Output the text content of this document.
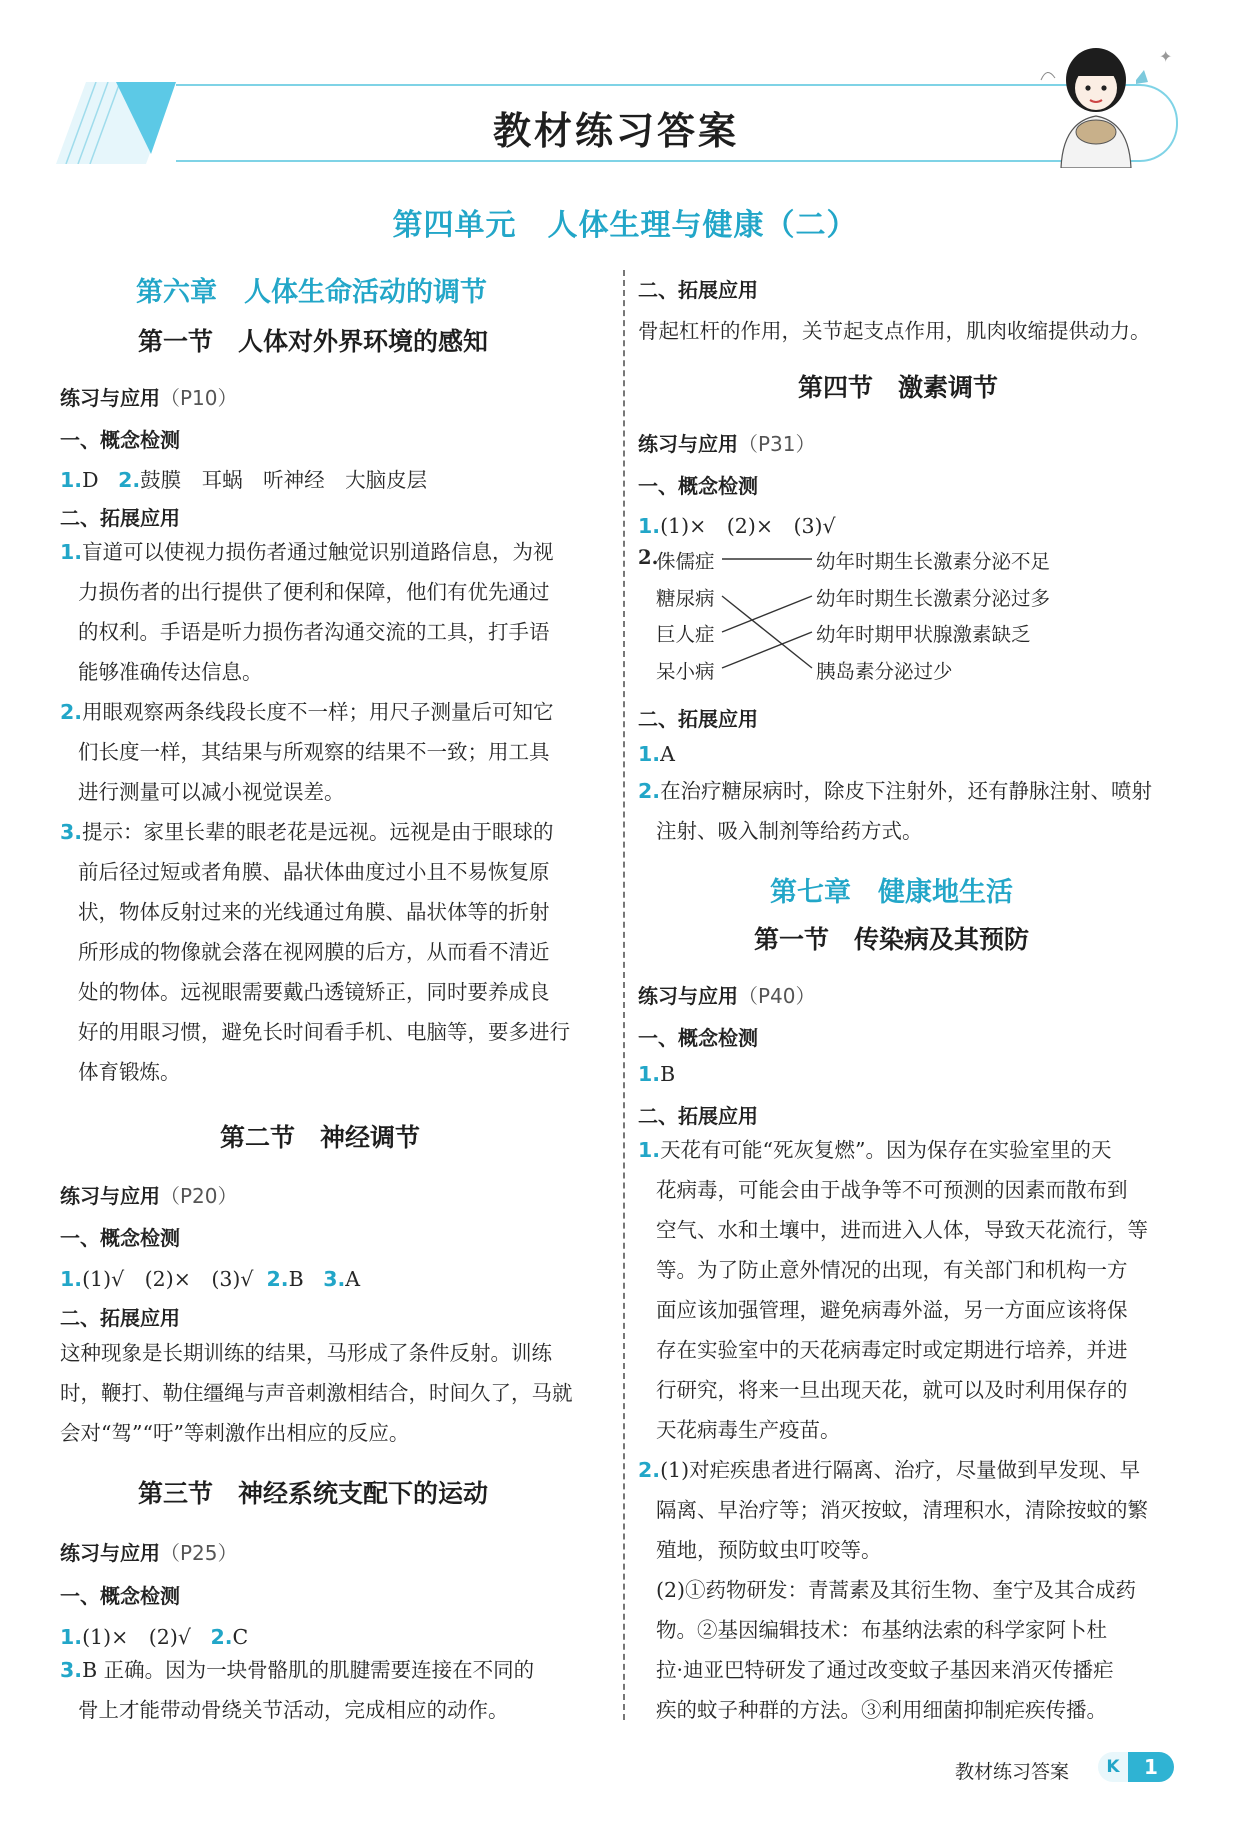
教材练习答案
✦
第四单元　人体生理与健康（二）
第六章　人体生命活动的调节
第一节　人体对外界环境的感知
练习与应用（P10）
一、概念检测
1.D 2.鼓膜　耳蜗　听神经　大脑皮层
二、拓展应用
1.盲道可以使视力损伤者通过触觉识别道路信息，为视
力损伤者的出行提供了便利和保障，他们有优先通过
的权利。手语是听力损伤者沟通交流的工具，打手语
能够准确传达信息。
2.用眼观察两条线段长度不一样；用尺子测量后可知它
们长度一样，其结果与所观察的结果不一致；用工具
进行测量可以减小视觉误差。
3.提示：家里长辈的眼老花是远视。远视是由于眼球的
前后径过短或者角膜、晶状体曲度过小且不易恢复原
状，物体反射过来的光线通过角膜、晶状体等的折射
所形成的物像就会落在视网膜的后方，从而看不清近
处的物体。远视眼需要戴凸透镜矫正，同时要养成良
好的用眼习惯，避免长时间看手机、电脑等，要多进行
体育锻炼。
第二节　神经调节
练习与应用（P20）
一、概念检测
1.(1)√　(2)×　(3)√ 2.B 3.A
二、拓展应用
这种现象是长期训练的结果，马形成了条件反射。训练
时，鞭打、勒住缰绳与声音刺激相结合，时间久了，马就
会对“驾”“吁”等刺激作出相应的反应。
第三节　神经系统支配下的运动
练习与应用（P25）
一、概念检测
1.(1)×　(2)√ 2.C
3.B 正确。因为一块骨骼肌的肌腱需要连接在不同的
骨上才能带动骨绕关节活动，完成相应的动作。
二、拓展应用
骨起杠杆的作用，关节起支点作用，肌肉收缩提供动力。
第四节　激素调节
练习与应用（P31）
一、概念检测
1.(1)×　(2)×　(3)√
2.
侏儒症
糖尿病
巨人症
呆小病
幼年时期生长激素分泌不足
幼年时期生长激素分泌过多
幼年时期甲状腺激素缺乏
胰岛素分泌过少
二、拓展应用
1.A
2.在治疗糖尿病时，除皮下注射外，还有静脉注射、喷射
注射、吸入制剂等给药方式。
第七章　健康地生活
第一节　传染病及其预防
练习与应用（P40）
一、概念检测
1.B
二、拓展应用
1.天花有可能“死灰复燃”。因为保存在实验室里的天
花病毒，可能会由于战争等不可预测的因素而散布到
空气、水和土壤中，进而进入人体，导致天花流行，等
等。为了防止意外情况的出现，有关部门和机构一方
面应该加强管理，避免病毒外溢，另一方面应该将保
存在实验室中的天花病毒定时或定期进行培养，并进
行研究，将来一旦出现天花，就可以及时利用保存的
天花病毒生产疫苗。
2.(1)对疟疾患者进行隔离、治疗，尽量做到早发现、早
隔离、早治疗等；消灭按蚊，清理积水，清除按蚊的繁
殖地，预防蚊虫叮咬等。
(2)①药物研发：青蒿素及其衍生物、奎宁及其合成药
物。②基因编辑技术：布基纳法索的科学家阿卜杜
拉·迪亚巴特研发了通过改变蚊子基因来消灭传播疟
疾的蚊子种群的方法。③利用细菌抑制疟疾传播。
教材练习答案	K	1
